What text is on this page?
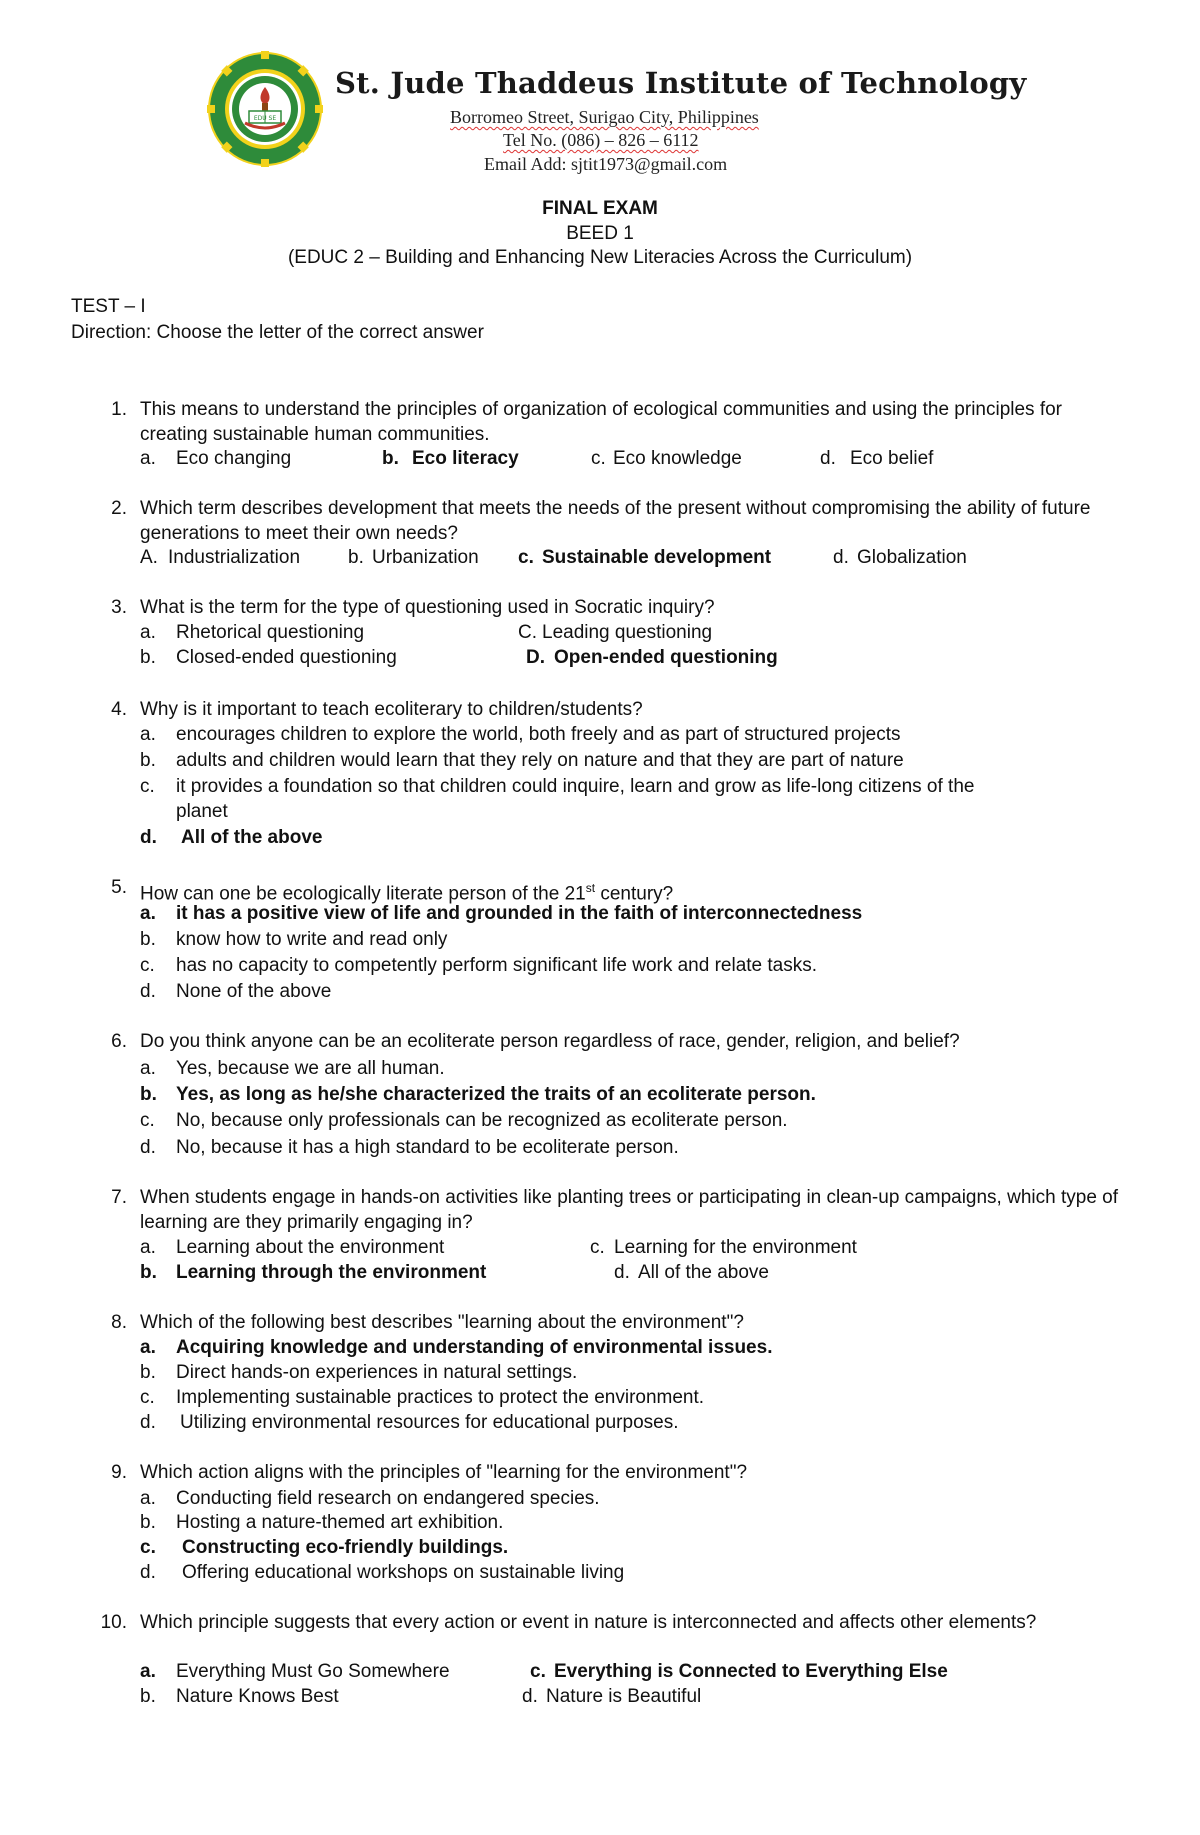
EDU SE
St. Jude Thaddeus Institute of Technology
Borromeo Street, Surigao City, Philippines
Tel No. (086) – 826 – 6112
Email Add: sjtit1973@gmail.com
FINAL EXAM
BEED 1
(EDUC 2 – Building and Enhancing New Literacies Across the Curriculum)
TEST – I
Direction: Choose the letter of the correct answer
1. This means to understand the principles of organization of ecological communities and using the principles for creating sustainable human communities.
a. Eco changing	b. Eco literacy	c. Eco knowledge	d. Eco belief
2. Which term describes development that meets the needs of the present without compromising the ability of future generations to meet their own needs?
A. Industrialization	b. Urbanization c. Sustainable development	d. Globalization
3. What is the term for the type of questioning used in Socratic inquiry?
a. Rhetorical questioning	C. Leading questioning
b. Closed-ended questioning	D. Open-ended questioning
4. Why is it important to teach ecoliterary to children/students?
a. encourages children to explore the world, both freely and as part of structured projects
b. adults and children would learn that they rely on nature and that they are part of nature
c. it provides a foundation so that children could inquire, learn and grow as life-long citizens of the
planet
d. All of the above
5. How can one be ecologically literate person of the 21st century?
a. it has a positive view of life and grounded in the faith of interconnectedness
b. know how to write and read only
c. has no capacity to competently perform significant life work and relate tasks.
d. None of the above
6. Do you think anyone can be an ecoliterate person regardless of race, gender, religion, and belief?
a. Yes, because we are all human.
b. Yes, as long as he/she characterized the traits of an ecoliterate person.
c. No, because only professionals can be recognized as ecoliterate person.
d. No, because it has a high standard to be ecoliterate person.
7. When students engage in hands-on activities like planting trees or participating in clean-up campaigns, which type of learning are they primarily engaging in?
a. Learning about the environment	c. Learning for the environment
b. Learning through the environment	d. All of the above
8. Which of the following best describes "learning about the environment"?
a. Acquiring knowledge and understanding of environmental issues.
b. Direct hands-on experiences in natural settings.
c. Implementing sustainable practices to protect the environment.
d. Utilizing environmental resources for educational purposes.
9. Which action aligns with the principles of "learning for the environment"?
a. Conducting field research on endangered species.
b. Hosting a nature-themed art exhibition.
c. Constructing eco-friendly buildings.
d. Offering educational workshops on sustainable living
10. Which principle suggests that every action or event in nature is interconnected and affects other elements?
a. Everything Must Go Somewhere	c. Everything is Connected to Everything Else
b. Nature Knows Best	d. Nature is Beautiful
